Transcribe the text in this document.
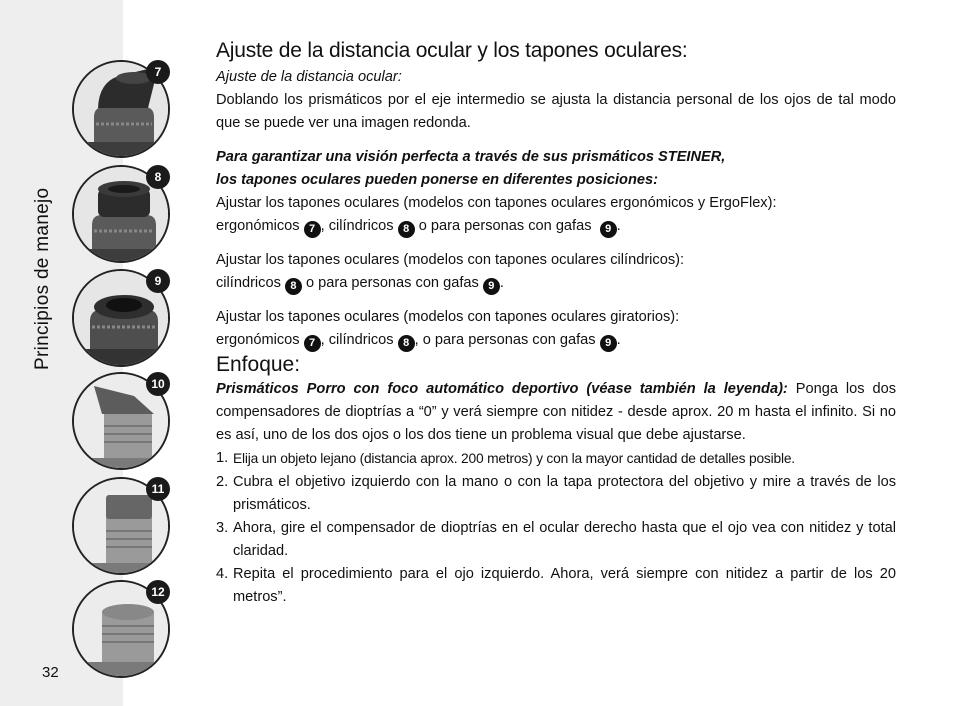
Principios de manejo
32
7
8
9
10
11
12

Ajuste de la distancia ocular y los tapones oculares:

Ajuste de la distancia ocular:

Doblando los prismáticos por el eje intermedio se ajusta la distancia personal de los ojos de tal modo que se puede ver una imagen redonda.

Para garantizar una visión perfecta a través de sus prismáticos STEINER,

los tapones oculares pueden ponerse en diferentes posiciones:

Ajustar los tapones oculares (modelos con tapones oculares ergonómicos y ErgoFlex):

ergonómicos 7 , cilíndricos 8 o para personas con gafas  9 .

Ajustar los tapones oculares (modelos con tapones oculares cilíndricos):

cilíndricos 8 o para personas con gafas 9 .

Ajustar los tapones oculares (modelos con tapones oculares giratorios):

ergonómicos 7 , cilíndricos 8 , o para personas con gafas 9 .

Enfoque:

Prismáticos Porro con foco automático deportivo (véase también la leyenda): Ponga los dos compensadores de dioptrías a “0” y verá siempre con nitidez - desde aprox. 20 m hasta el infinito. Si no es así, uno de los dos ojos o los dos tiene un problema visual que debe ajustarse.

1. Elija un objeto lejano (distancia aprox. 200 metros) y con la mayor cantidad de detalles posible.
2. Cubra el objetivo izquierdo con la mano o con la tapa protectora del objetivo y mire a través de los prismáticos.
3. Ahora, gire el compensador de dioptrías en el ocular derecho hasta que el ojo vea con nitidez y total claridad.
4. Repita el procedimiento para el ojo izquierdo. Ahora, verá siempre con nitidez a partir de los 20 metros”.
